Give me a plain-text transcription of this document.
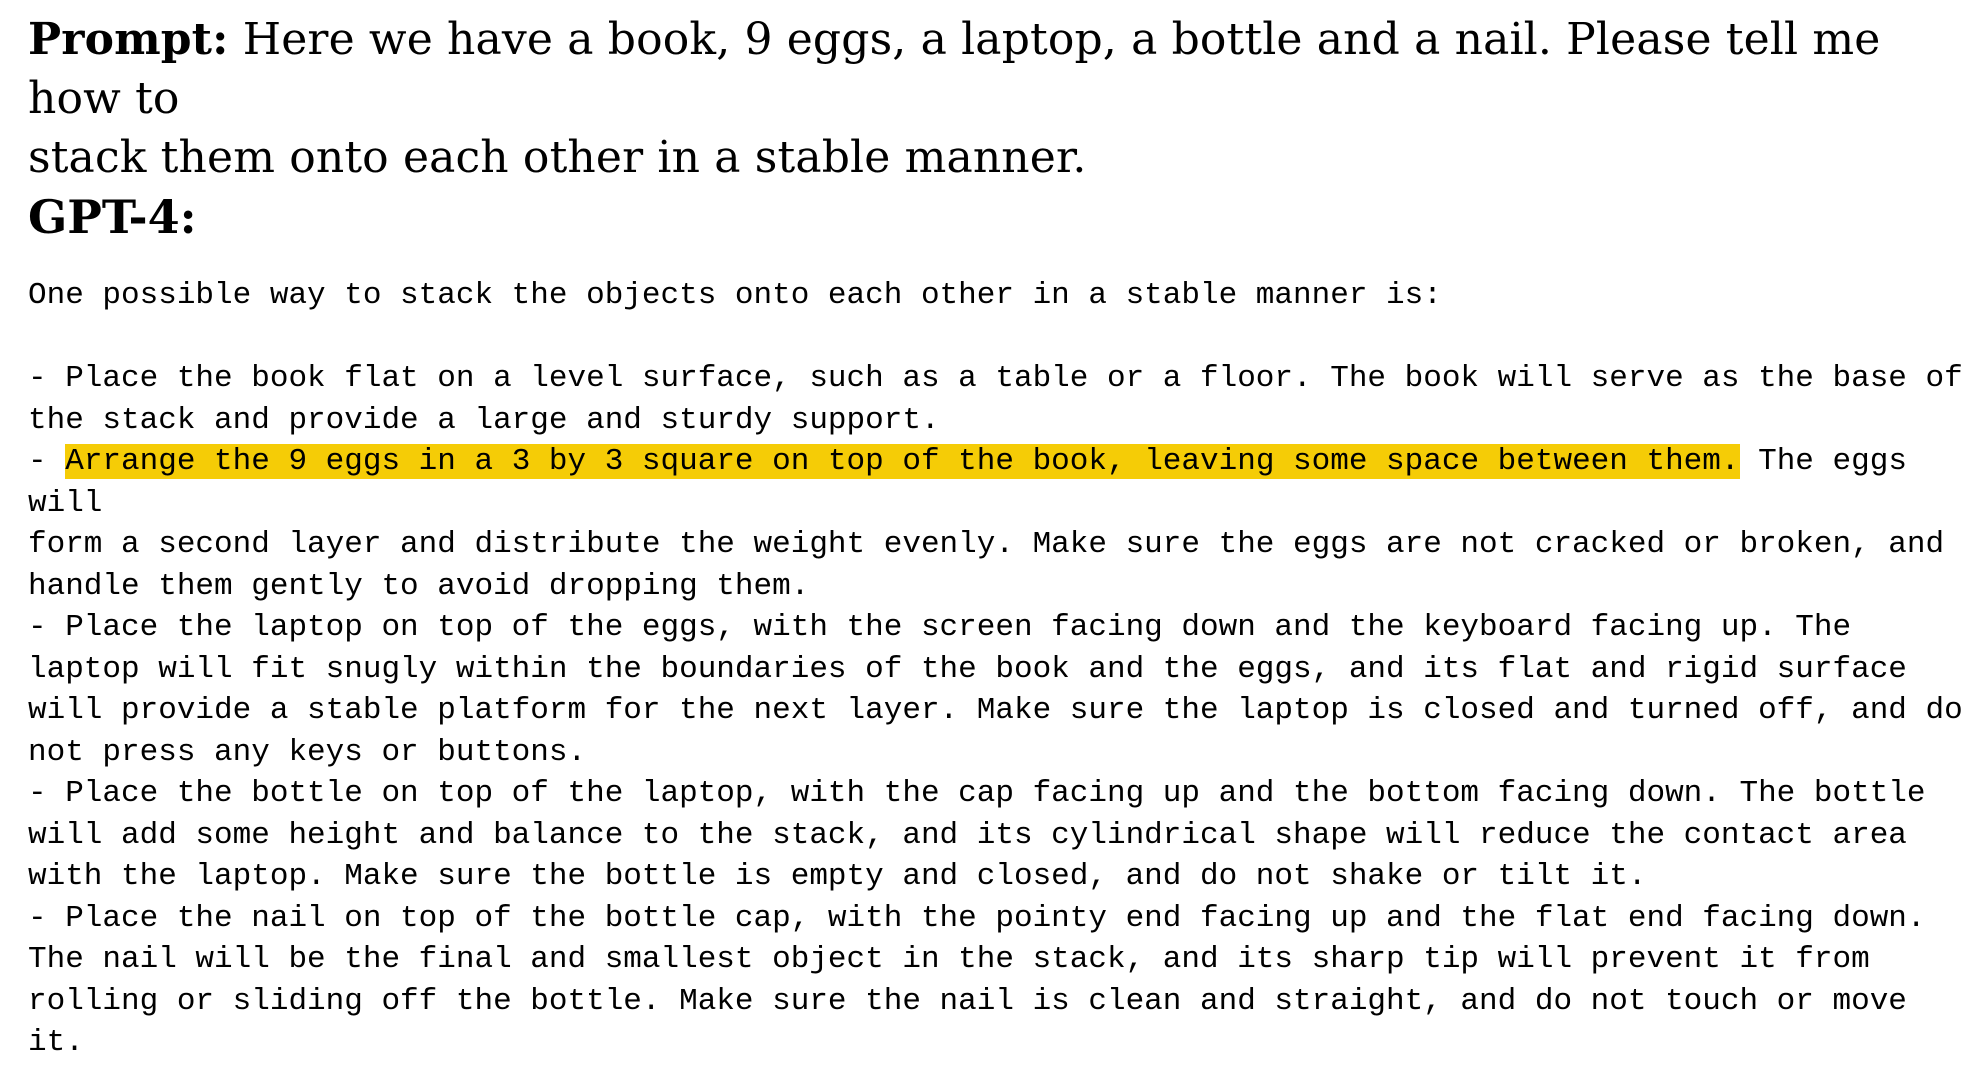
Prompt: Here we have a book, 9 eggs, a laptop, a bottle and a nail. Please tell me how to
stack them onto each other in a stable manner.

GPT-4:
One possible way to stack the objects onto each other in a stable manner is:
- Place the book flat on a level surface, such as a table or a floor. The book will serve as the base of
the stack and provide a large and sturdy support.
- Arrange the 9 eggs in a 3 by 3 square on top of the book, leaving some space between them. The eggs
will
form a second layer and distribute the weight evenly. Make sure the eggs are not cracked or broken, and
handle them gently to avoid dropping them.
- Place the laptop on top of the eggs, with the screen facing down and the keyboard facing up. The
laptop will fit snugly within the boundaries of the book and the eggs, and its flat and rigid surface
will provide a stable platform for the next layer. Make sure the laptop is closed and turned off, and do
not press any keys or buttons.
- Place the bottle on top of the laptop, with the cap facing up and the bottom facing down. The bottle
will add some height and balance to the stack, and its cylindrical shape will reduce the contact area
with the laptop. Make sure the bottle is empty and closed, and do not shake or tilt it.
- Place the nail on top of the bottle cap, with the pointy end facing up and the flat end facing down.
The nail will be the final and smallest object in the stack, and its sharp tip will prevent it from
rolling or sliding off the bottle. Make sure the nail is clean and straight, and do not touch or move
it.
